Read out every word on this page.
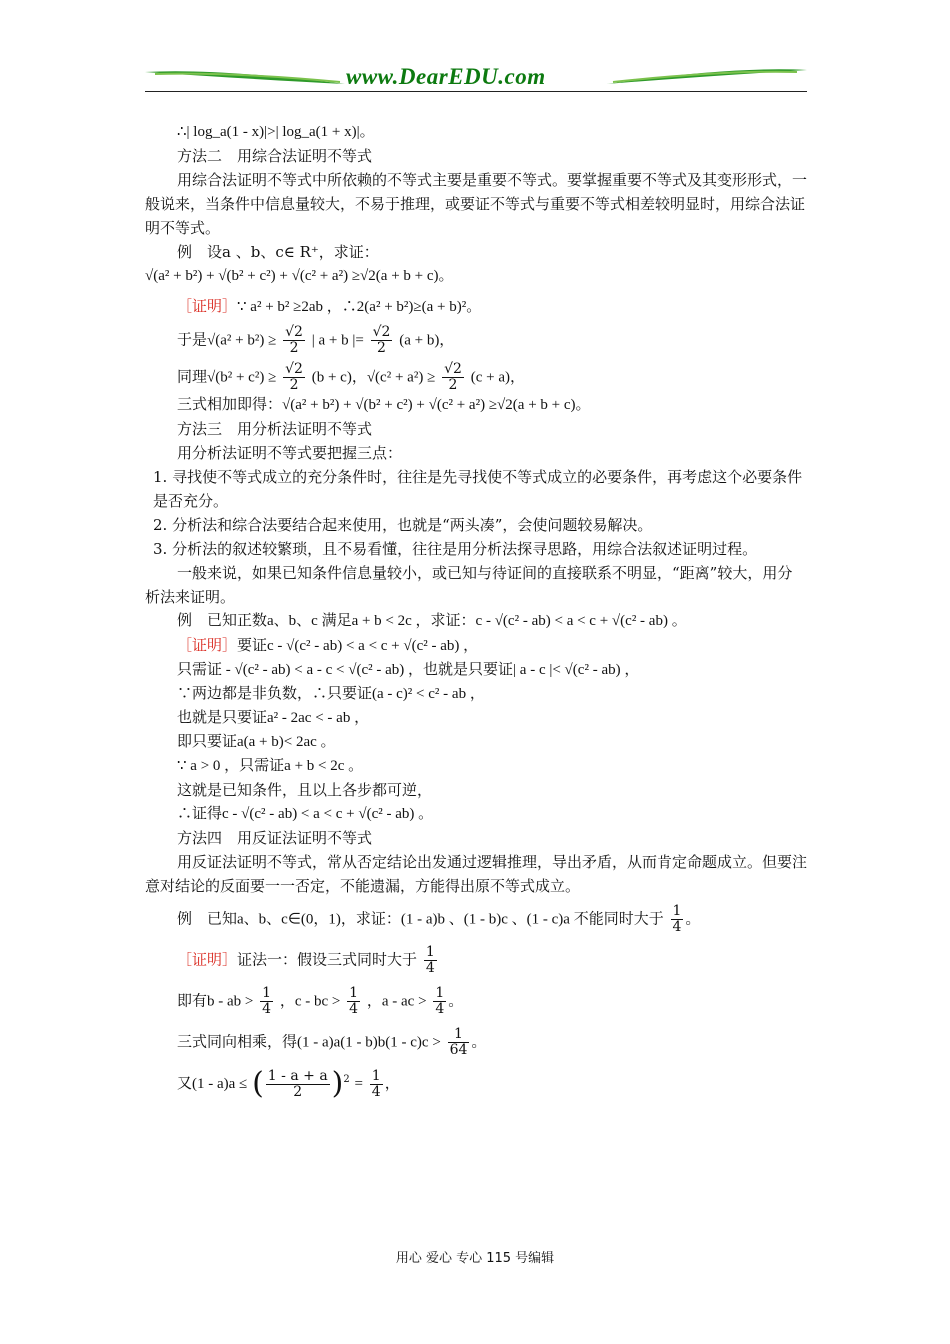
www.DearEDU.com

∴| log_a(1 - x)|>| log_a(1 + x)|。

方法二　用综合法证明不等式

用综合法证明不等式中所依赖的不等式主要是重要不等式。要掌握重要不等式及其变形形式，一般说来，当条件中信息量较大，不易于推理，或要证不等式与重要不等式相差较明显时，用综合法证明不等式。

例　设a 、b、c∈ R⁺，求证：

√(a² + b²) + √(b² + c²) + √(c² + a²) ≥√2(a + b + c)。

［证明］∵ a² + b² ≥2ab ，∴2(a² + b²)≥(a + b)²。

于是$√(a^2 + b^2) \ge \frac{√2}{2}$ | a + b |= $\frac{√2}{2} (a + b)$，

同理$√(b^2 + c^2) \ge \frac{√2}{2} (b + c)$，$√(c^2 + a^2) \ge \frac{√2}{2} (c + a)$，

三式相加即得：√(a² + b²) + √(b² + c²) + √(c² + a²) ≥√2(a + b + c)。

方法三　用分析法证明不等式

用分析法证明不等式要把握三点：

1. 寻找使不等式成立的充分条件时，往往是先寻找使不等式成立的必要条件，再考虑这个必要条件是否充分。

2. 分析法和综合法要结合起来使用，也就是“两头凑”，会使问题较易解决。

3. 分析法的叙述较繁琐，且不易看懂，往往是用分析法探寻思路，用综合法叙述证明过程。

一般来说，如果已知条件信息量较小，或已知与待证间的直接联系不明显，“距离”较大，用分析法来证明。

例　已知正数a、b、c 满足a + b < 2c ，求证：c - √(c² - ab) < a < c + √(c² - ab) 。

［证明］要证c - √(c² - ab) < a < c + √(c² - ab) ，

只需证 - √(c² - ab) < a - c < √(c² - ab) ，也就是只要证| a - c |< √(c² - ab) ，

∵两边都是非负数，∴只要证(a - c)² < c² - ab ，

也就是只要证a² - 2ac < - ab ，

即只要证a(a + b)< 2ac 。

∵ a > 0 ，只需证a + b < 2c 。

这就是已知条件，且以上各步都可逆，

∴证得c - √(c² - ab) < a < c + √(c² - ab) 。

方法四　用反证法证明不等式

用反证法证明不等式，常从否定结论出发通过逻辑推理，导出矛盾，从而肯定命题成立。但要注意对结论的反面要一一否定，不能遗漏，方能得出原不等式成立。

例　已知a、b、c∈(0，1)，求证：(1 - a)b 、(1 - b)c 、(1 - c)a 不能同时大于 $\frac{1}{4}$ 。

［证明］证法一：假设三式同时大于 $\frac{1}{4}$

即有b - ab > $\frac{1}{4}$ ，c - bc > $\frac{1}{4}$ ，a - ac > $\frac{1}{4}$ 。

三式同向相乘，得$(1 - a)a(1 - b)b(1 - c)c > \frac{1}{64}$ 。

又(1 - a)a ≤ ( $\frac{1 - a + a}{2} )^2 = \frac{1}{4}$ ，

用心 爱心 专心 115 号编辑
